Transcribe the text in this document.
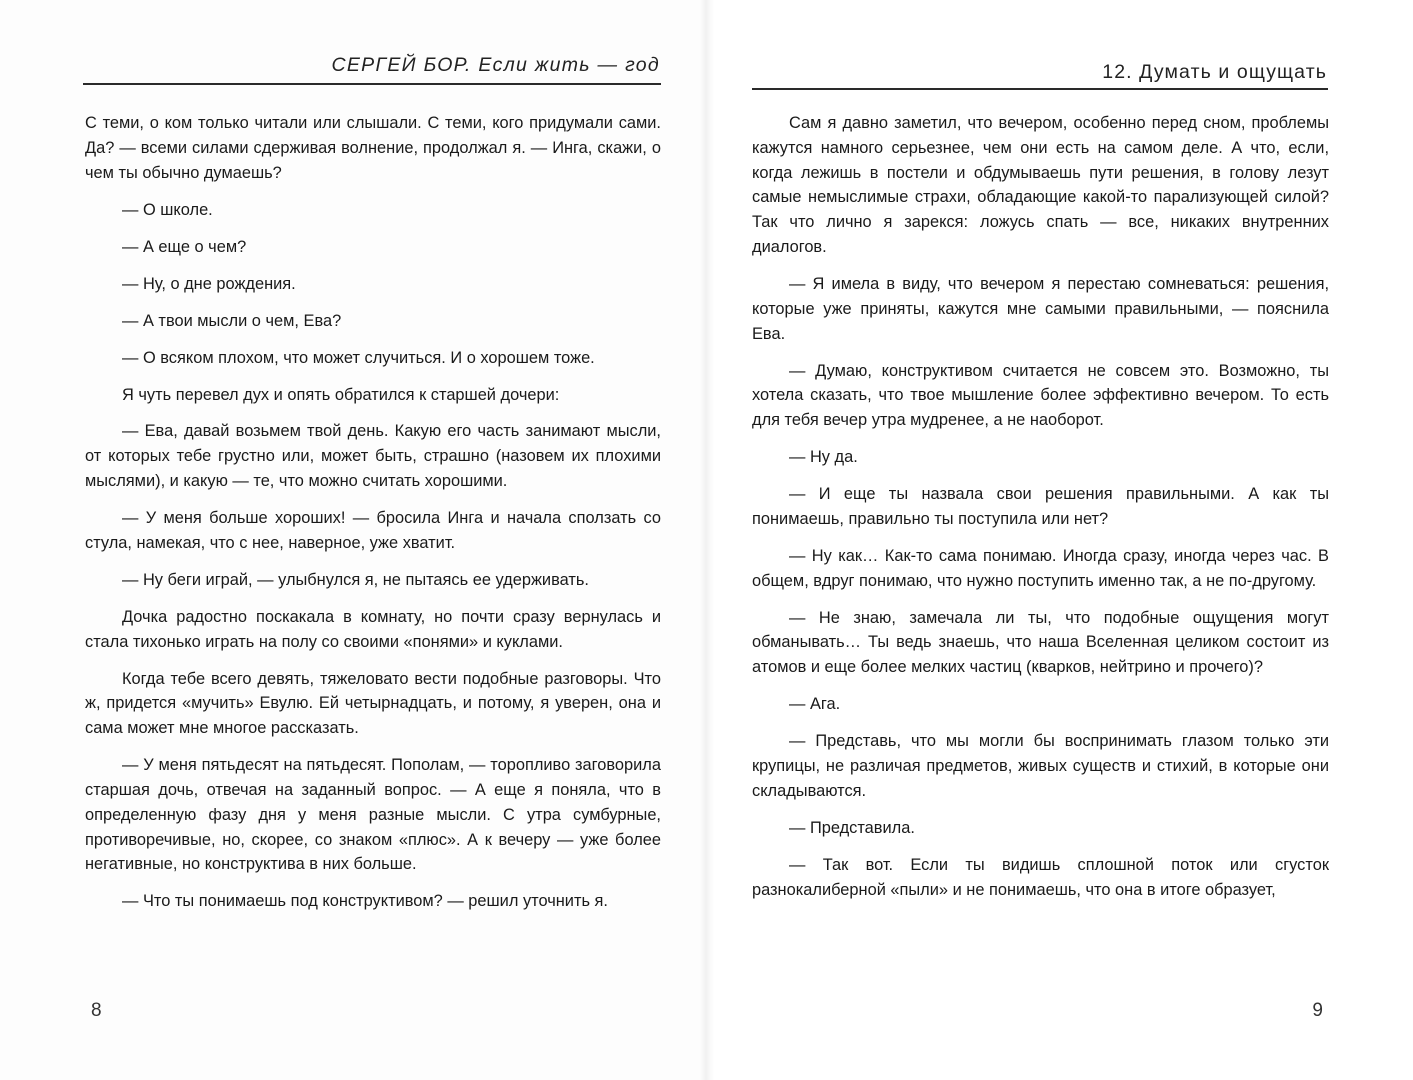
СЕРГЕЙ БОР. Если жить — год

С теми, о ком только читали или слышали. С теми, кого придумали сами. Да? — всеми силами сдерживая волнение, продолжал я. — Инга, скажи, о чем ты обычно думаешь?

— О школе.

— А еще о чем?

— Ну, о дне рождения.

— А твои мысли о чем, Ева?

— О всяком плохом, что может случиться. И о хорошем тоже.

Я чуть перевел дух и опять обратился к старшей дочери:

— Ева, давай возьмем твой день. Какую его часть занимают мысли, от которых тебе грустно или, может быть, страшно (назовем их плохими мыслями), и какую — те, что можно считать хорошими.

— У меня больше хороших! — бросила Инга и начала сползать со стула, намекая, что с нее, наверное, уже хватит.

— Ну беги играй, — улыбнулся я, не пытаясь ее удерживать.

Дочка радостно поскакала в комнату, но почти сразу вернулась и стала тихонько играть на полу со своими «понями» и куклами.

Когда тебе всего девять, тяжеловато вести подобные разговоры. Что ж, придется «мучить» Евулю. Ей четырнадцать, и потому, я уверен, она и сама может мне многое рассказать.

— У меня пятьдесят на пятьдесят. Пополам, — торопливо заговорила старшая дочь, отвечая на заданный вопрос. — А еще я поняла, что в определенную фазу дня у меня разные мысли. С утра сумбурные, противоречивые, но, скорее, со знаком «плюс». А к вечеру — уже более негативные, но конструктива в них больше.

— Что ты понимаешь под конструктивом? — решил уточнить я.

8
12. Думать и ощущать

Сам я давно заметил, что вечером, особенно перед сном, проблемы кажутся намного серьезнее, чем они есть на самом деле. А что, если, когда лежишь в постели и обдумываешь пути решения, в голову лезут самые немыслимые страхи, обладающие какой-то парализующей силой? Так что лично я зарекся: ложусь спать — все, никаких внутренних диалогов.

— Я имела в виду, что вечером я перестаю сомневаться: решения, которые уже приняты, кажутся мне самыми правильными, — пояснила Ева.

— Думаю, конструктивом считается не совсем это. Возможно, ты хотела сказать, что твое мышление более эффективно вечером. То есть для тебя вечер утра мудренее, а не наоборот.

— Ну да.

— И еще ты назвала свои решения правильными. А как ты понимаешь, правильно ты поступила или нет?

— Ну как… Как-то сама понимаю. Иногда сразу, иногда через час. В общем, вдруг понимаю, что нужно поступить именно так, а не по-другому.

— Не знаю, замечала ли ты, что подобные ощущения могут обманывать… Ты ведь знаешь, что наша Вселенная целиком состоит из атомов и еще более мелких частиц (кварков, нейтрино и прочего)?

— Ага.

— Представь, что мы могли бы воспринимать глазом только эти крупицы, не различая предметов, живых существ и стихий, в которые они складываются.

— Представила.

— Так вот. Если ты видишь сплошной поток или сгусток разнокалиберной «пыли» и не понимаешь, что она в итоге образует,

9
